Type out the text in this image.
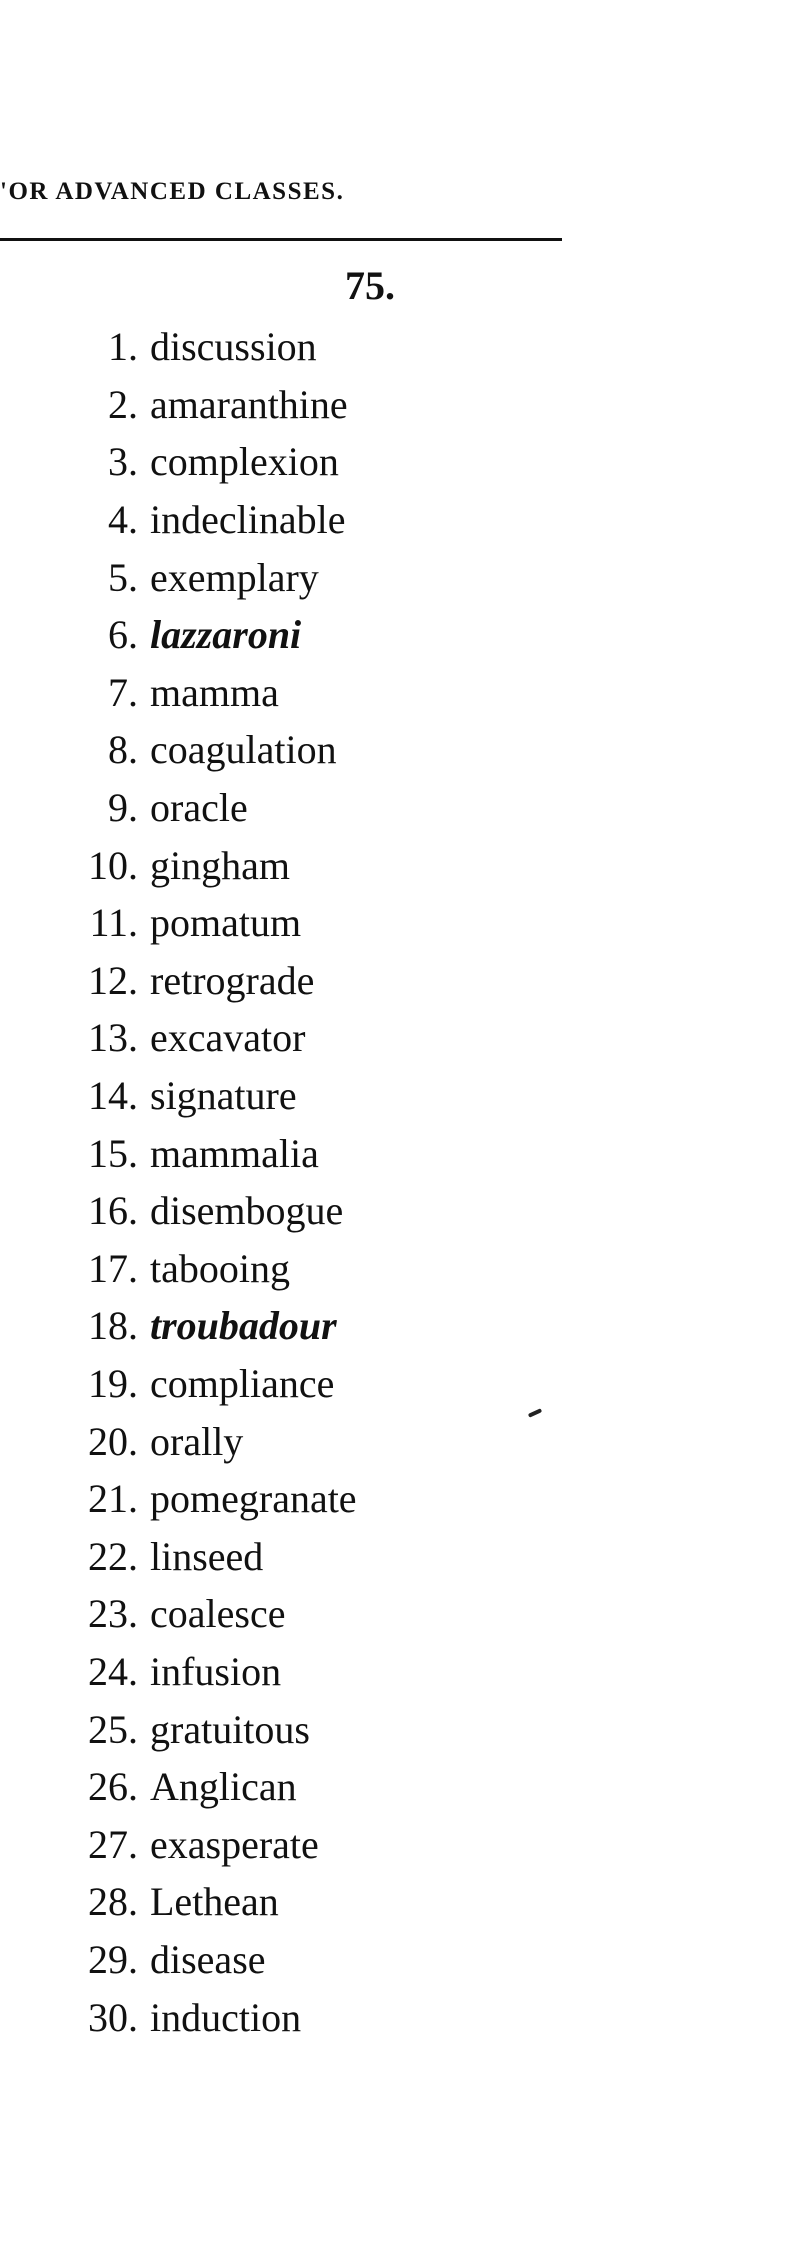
'OR ADVANCED CLASSES.
75.
1. discussion
2. amaranthine
3. complexion
4. indeclinable
5. exemplary
6. lazzaroni
7. mamma
8. coagulation
9. oracle
10. gingham
11. pomatum
12. retrograde
13. excavator
14. signature
15. mammalia
16. disembogue
17. tabooing
18. troubadour
19. compliance
20. orally
21. pomegranate
22. linseed
23. coalesce
24. infusion
25. gratuitous
26. Anglican
27. exasperate
28. Lethean
29. disease
30. induction
